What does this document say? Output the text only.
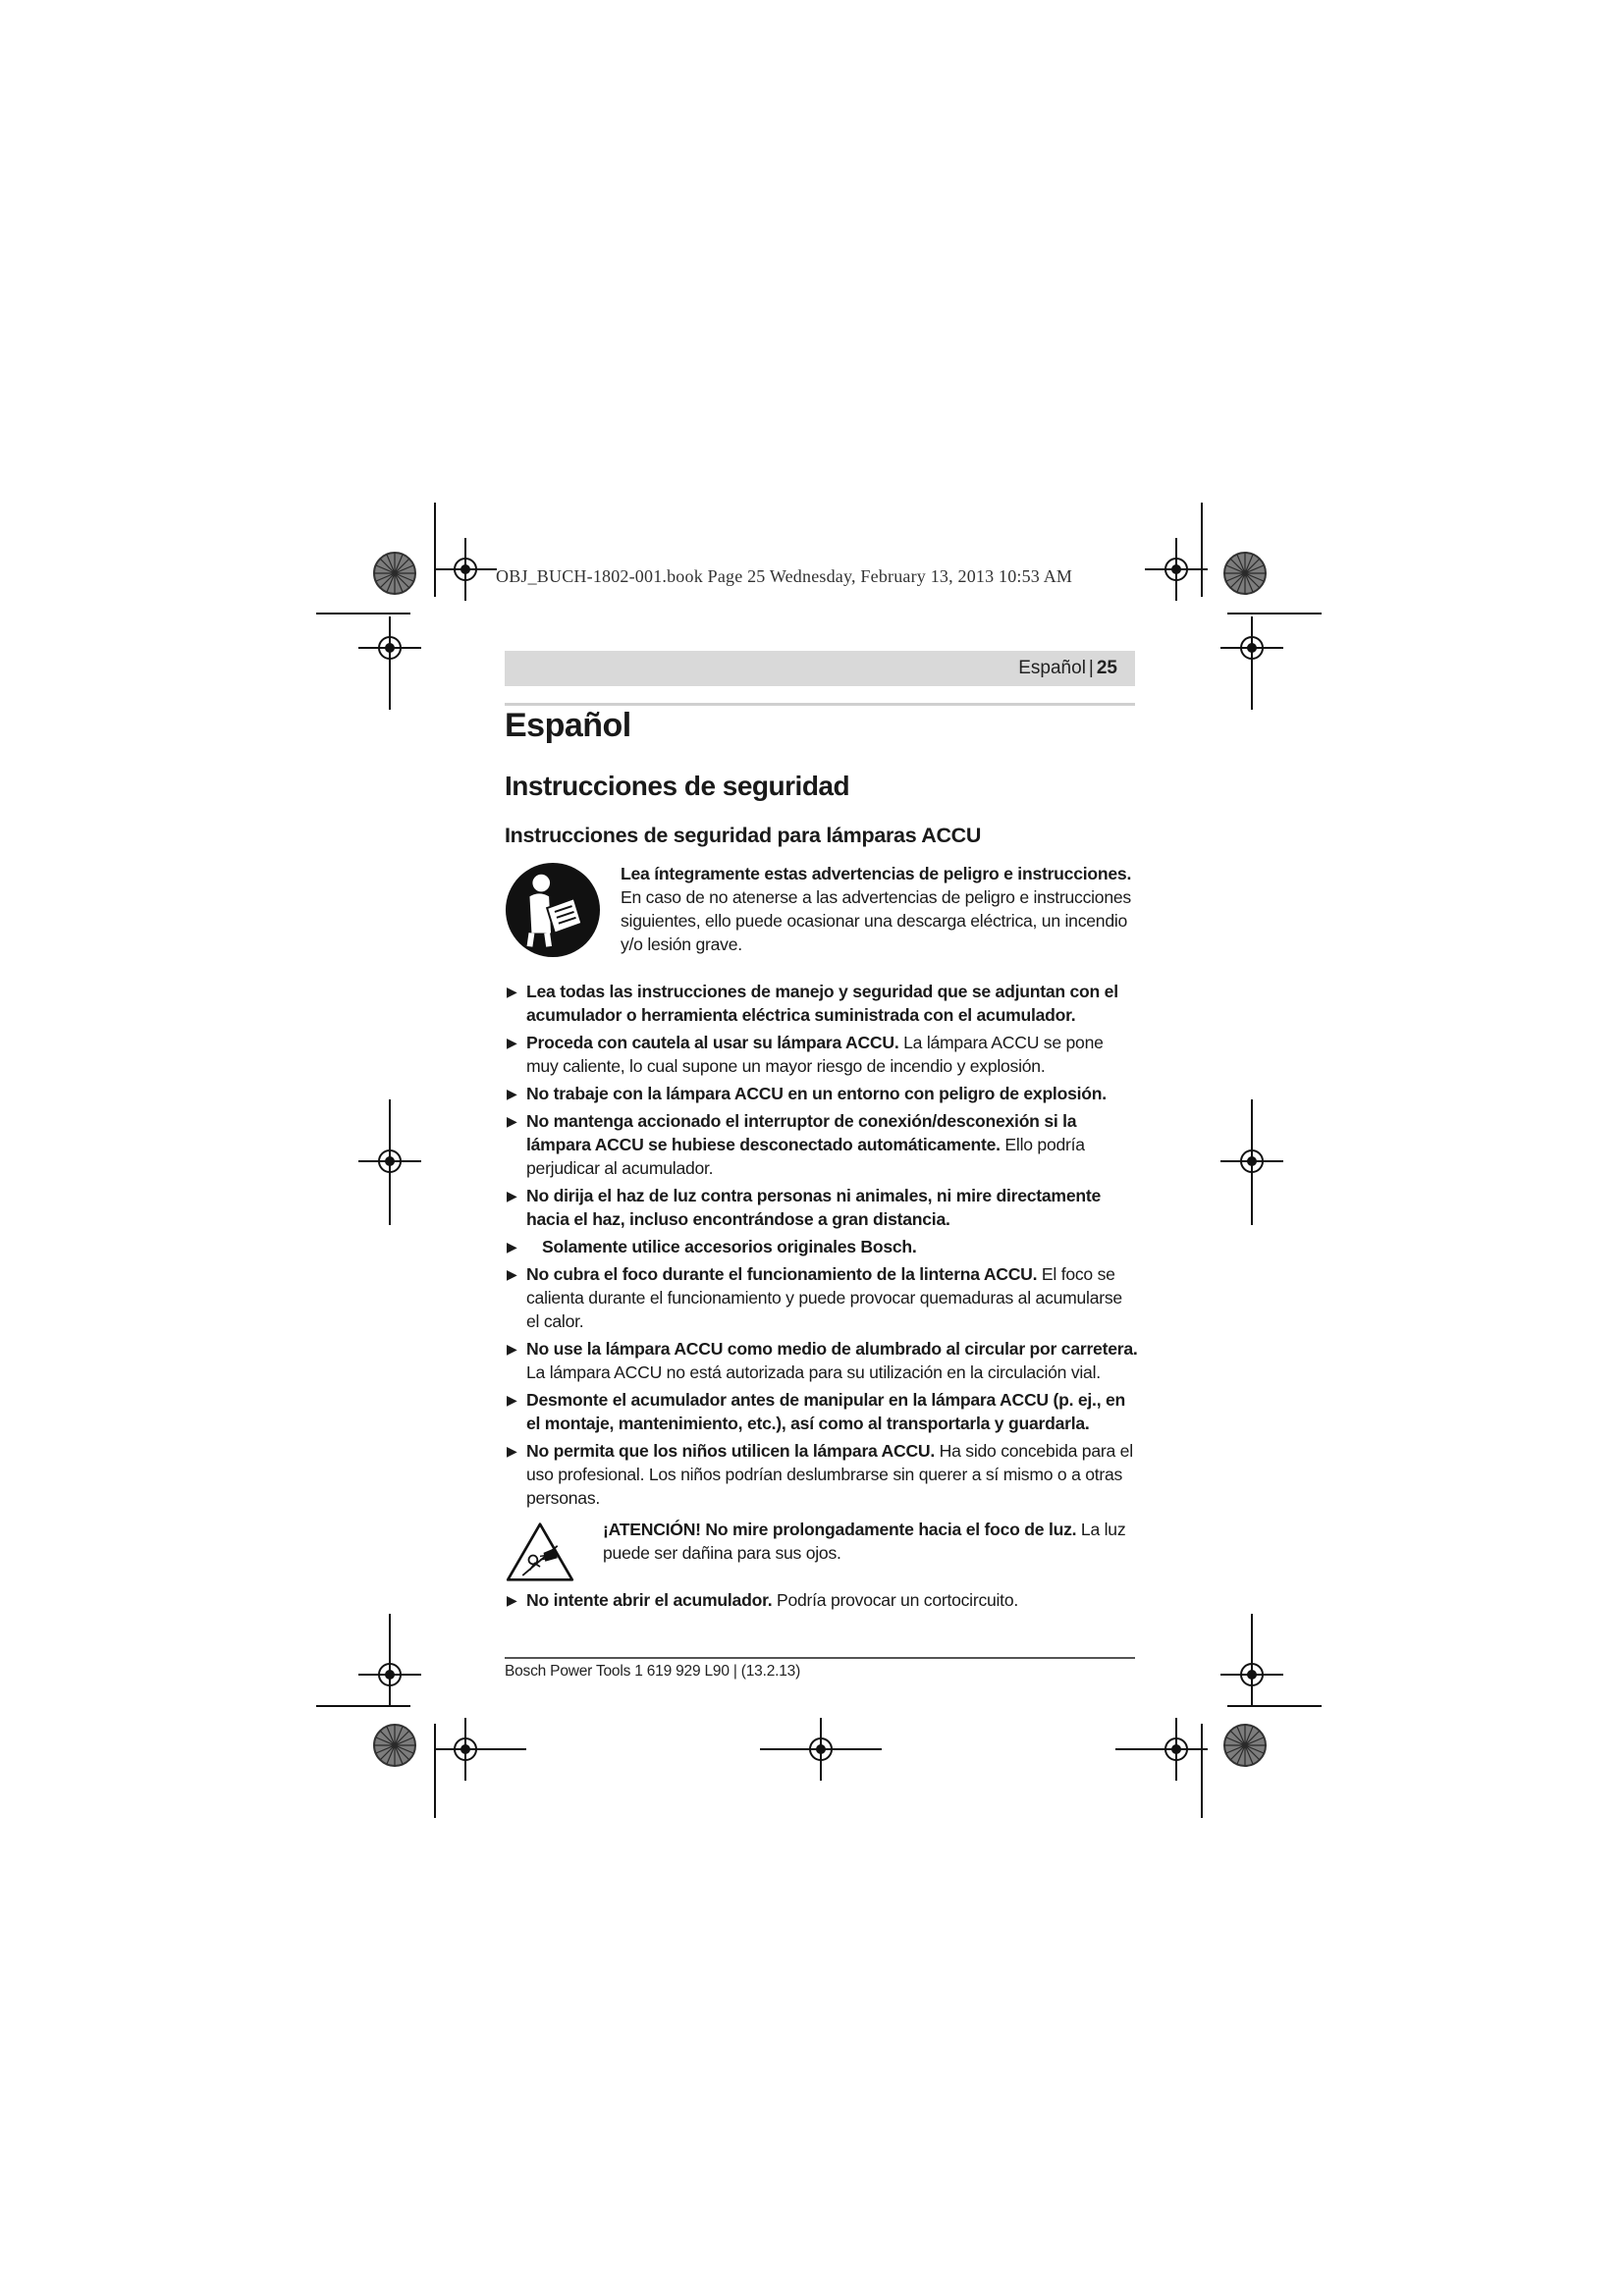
OBJ_BUCH-1802-001.book Page 25 Wednesday, February 13, 2013 10:53 AM
Español | 25
Español
Instrucciones de seguridad
Instrucciones de seguridad para lámparas ACCU
Lea íntegramente estas advertencias de peligro e instrucciones.
En caso de no atenerse a las advertencias de peligro e instrucciones siguientes, ello puede ocasionar una descarga eléctrica, un incendio y/o lesión grave.
▶ Lea todas las instrucciones de manejo y seguridad que se adjuntan con el acumulador o herramienta eléctrica suministrada con el acumulador.
▶ Proceda con cautela al usar su lámpara ACCU. La lámpara ACCU se pone muy caliente, lo cual supone un mayor riesgo de incendio y explosión.
▶ No trabaje con la lámpara ACCU en un entorno con peligro de explosión.
▶ No mantenga accionado el interruptor de conexión/desconexión si la lámpara ACCU se hubiese desconectado automáticamente. Ello podría perjudicar al acumulador.
▶ No dirija el haz de luz contra personas ni animales, ni mire directamente hacia el haz, incluso encontrándose a gran distancia.
▶ Solamente utilice accesorios originales Bosch.
▶ No cubra el foco durante el funcionamiento de la linterna ACCU. El foco se calienta durante el funcionamiento y puede provocar quemaduras al acumularse el calor.
▶ No use la lámpara ACCU como medio de alumbrado al circular por carretera. La lámpara ACCU no está autorizada para su utilización en la circulación vial.
▶ Desmonte el acumulador antes de manipular en la lámpara ACCU (p. ej., en el montaje, mantenimiento, etc.), así como al transportarla y guardarla.
▶ No permita que los niños utilicen la lámpara ACCU. Ha sido concebida para el uso profesional. Los niños podrían deslumbrarse sin querer a sí mismo o a otras personas.
¡ATENCIÓN! No mire prolongadamente hacia el foco de luz. La luz puede ser dañina para sus ojos.
▶ No intente abrir el acumulador. Podría provocar un cortocircuito.
Bosch Power Tools 1 619 929 L90 | (13.2.13)
